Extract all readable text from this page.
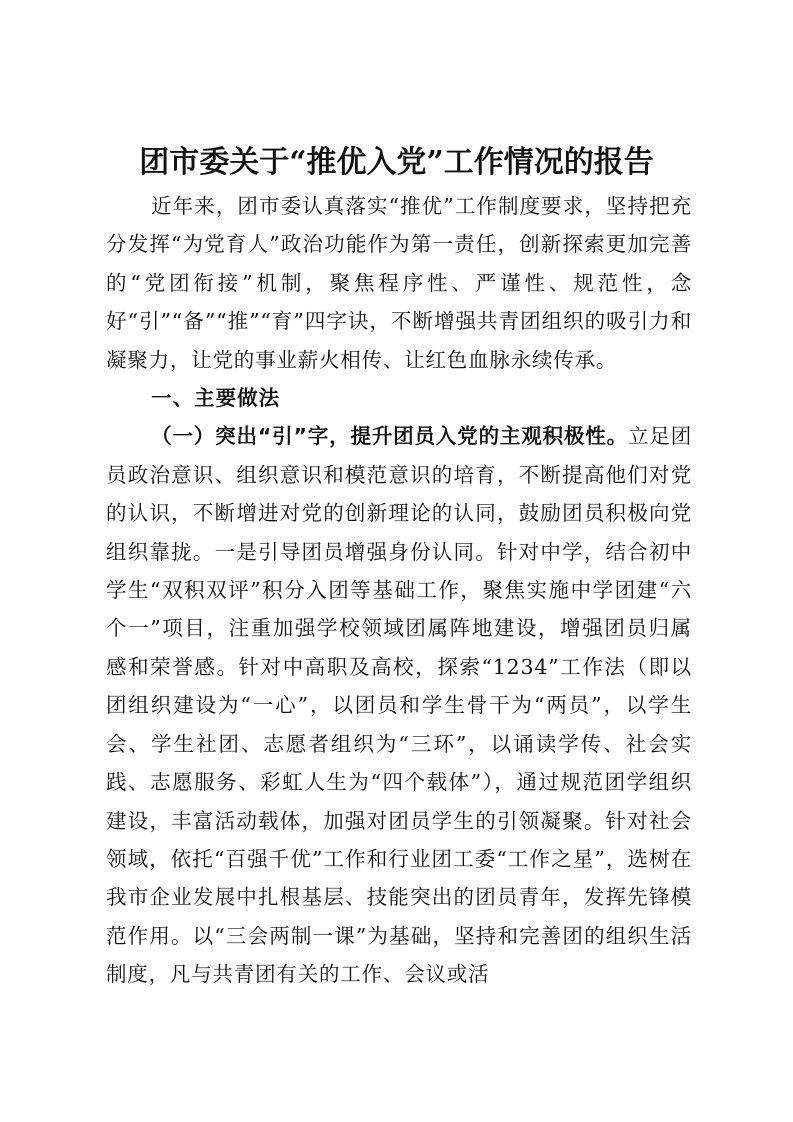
团市委关于“推优入党”工作情况的报告

近年来，团市委认真落实“推优”工作制度要求，坚持把充分发挥“为党育人”政治功能作为第一责任，创新探索更加完善的“党团衔接”机制，聚焦程序性、严谨性、规范性，念好“引”“备”“推”“育”四字诀，不断增强共青团组织的吸引力和凝聚力，让党的事业薪火相传、让红色血脉永续传承。

一、主要做法

（一）突出“引”字，提升团员入党的主观积极性。立足团员政治意识、组织意识和模范意识的培育，不断提高他们对党的认识，不断增进对党的创新理论的认同，鼓励团员积极向党组织靠拢。一是引导团员增强身份认同。针对中学，结合初中学生“双积双评”积分入团等基础工作，聚焦实施中学团建“六个一”项目，注重加强学校领域团属阵地建设，增强团员归属感和荣誉感。针对中高职及高校，探索“1234”工作法（即以团组织建设为“一心”，以团员和学生骨干为“两员”，以学生会、学生社团、志愿者组织为“三环”，以诵读学传、社会实践、志愿服务、彩虹人生为“四个载体”），通过规范团学组织建设，丰富活动载体，加强对团员学生的引领凝聚。针对社会领域，依托“百强千优”工作和行业团工委“工作之星”，选树在我市企业发展中扎根基层、技能突出的团员青年，发挥先锋模范作用。以“三会两制一课”为基础，坚持和完善团的组织生活制度，凡与共青团有关的工作、会议或活
